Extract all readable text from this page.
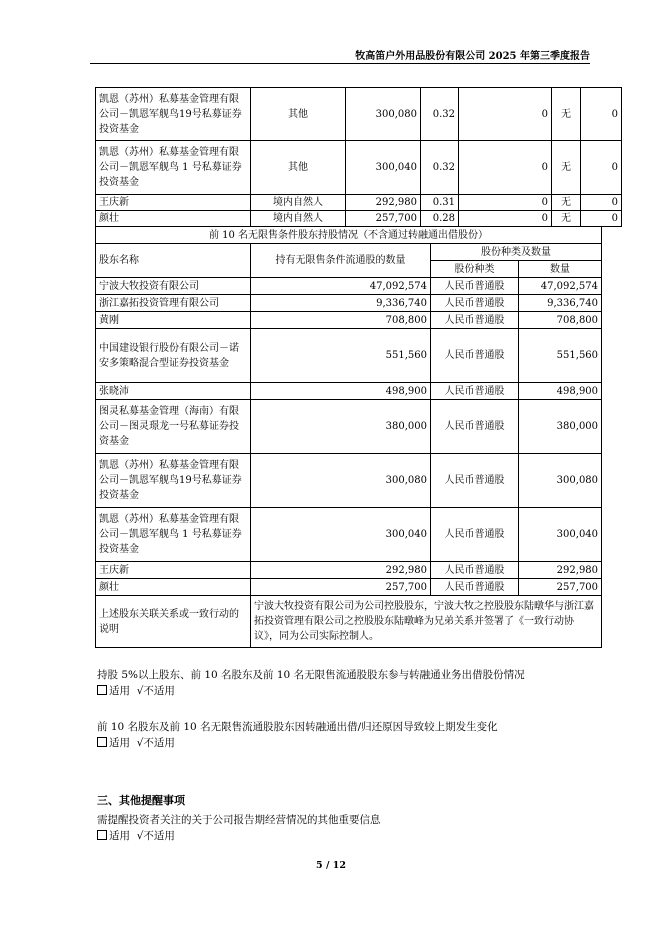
牧高笛户外用品股份有限公司 2025 年第三季度报告
凯恩（苏州）私募基金管理有限公司－凯恩军舰鸟19号私募证券投资基金	其他	300,080	0.32	0	无	0
凯恩（苏州）私募基金管理有限公司－凯恩军舰鸟 1 号私募证券投资基金	其他	300,040	0.32	0	无	0
王庆新	境内自然人	292,980	0.31	0	无	0
颜壮	境内自然人	257,700	0.28	0	无	0
前 10 名无限售条件股东持股情况（不含通过转融通出借股份）			
股东名称	持有无限售条件流通股的数量	股份种类及数量	
		股份种类	数量
宁波大牧投资有限公司	47,092,574	人民币普通股	47,092,574
浙江嘉拓投资管理有限公司	9,336,740	人民币普通股	9,336,740
黄刚	708,800	人民币普通股	708,800
中国建设银行股份有限公司－诺安多策略混合型证券投资基金	551,560	人民币普通股	551,560
张晓沛	498,900	人民币普通股	498,900
图灵私募基金管理（海南）有限公司－图灵璟龙一号私募证券投资基金	380,000	人民币普通股	380,000
凯恩（苏州）私募基金管理有限公司－凯恩军舰鸟19号私募证券投资基金	300,080	人民币普通股	300,080
凯恩（苏州）私募基金管理有限公司－凯恩军舰鸟 1 号私募证券投资基金	300,040	人民币普通股	300,040
王庆新	292,980	人民币普通股	292,980
颜壮	257,700	人民币普通股	257,700
上述股东关联关系或一致行动的说明	宁波大牧投资有限公司为公司控股股东，宁波大牧之控股股东陆暾华与浙江嘉拓投资管理有限公司之控股股东陆暾峰为兄弟关系并签署了《一致行动协议》，同为公司实际控制人。		
持股 5%以上股东、前 10 名股东及前 10 名无限售流通股股东参与转融通业务出借股份情况
适用 √不适用
前 10 名股东及前 10 名无限售流通股股东因转融通出借/归还原因导致较上期发生变化
适用 √不适用
三、其他提醒事项
需提醒投资者关注的关于公司报告期经营情况的其他重要信息
适用 √不适用
5 / 12
